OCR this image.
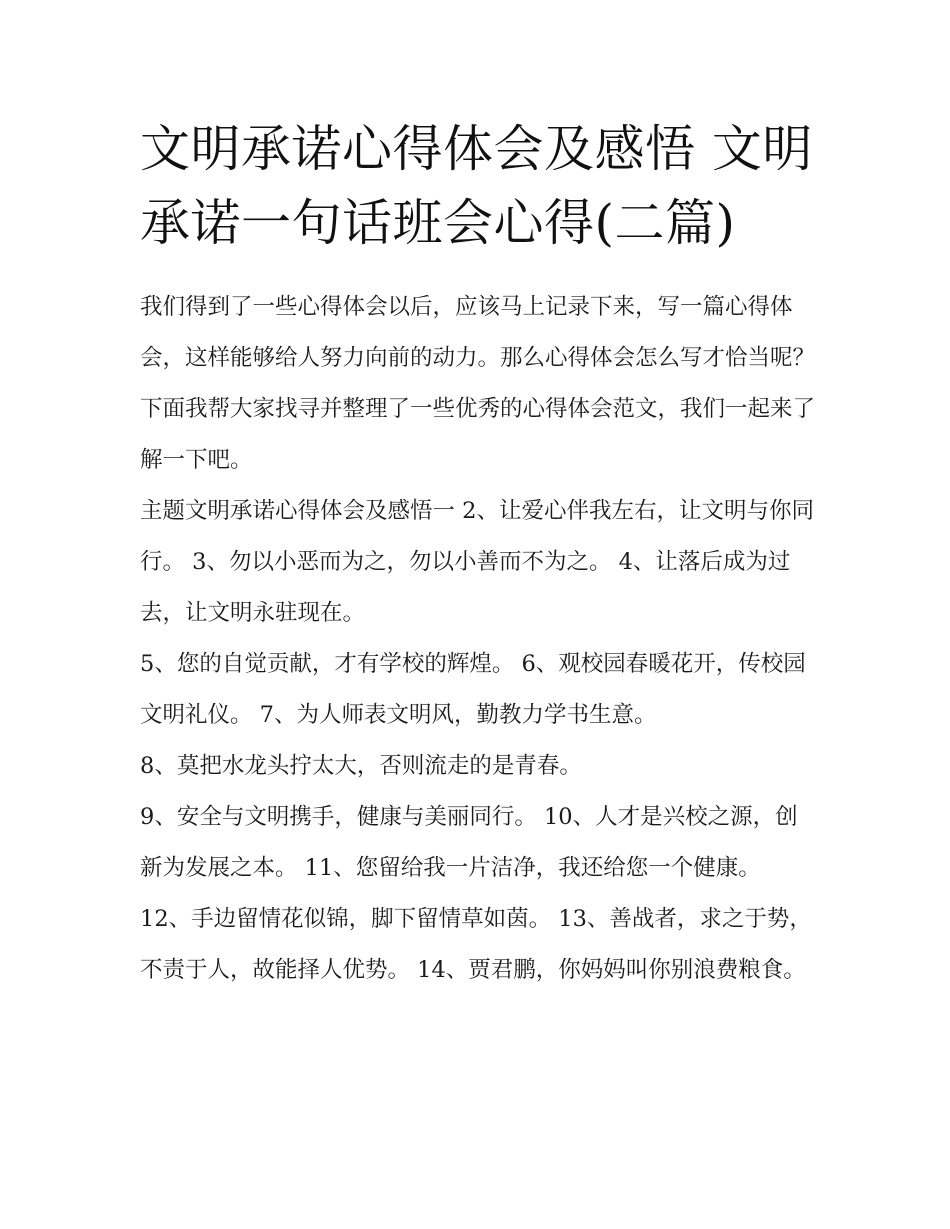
文明承诺心得体会及感悟 文明承诺一句话班会心得(二篇)

我们得到了一些心得体会以后，应该马上记录下来，写一篇心得体会，这样能够给人努力向前的动力。那么心得体会怎么写才恰当呢？下面我帮大家找寻并整理了一些优秀的心得体会范文，我们一起来了解一下吧。

主题文明承诺心得体会及感悟一 2、让爱心伴我左右，让文明与你同行。 3、勿以小恶而为之，勿以小善而不为之。 4、让落后成为过去，让文明永驻现在。

5、您的自觉贡献，才有学校的辉煌。 6、观校园春暖花开，传校园文明礼仪。 7、为人师表文明风，勤教力学书生意。

8、莫把水龙头拧太大，否则流走的是青春。

9、安全与文明携手，健康与美丽同行。 10、人才是兴校之源，创新为发展之本。 11、您留给我一片洁净，我还给您一个健康。

12、手边留情花似锦，脚下留情草如茵。 13、善战者，求之于势，不责于人，故能择人优势。 14、贾君鹏，你妈妈叫你别浪费粮食。
